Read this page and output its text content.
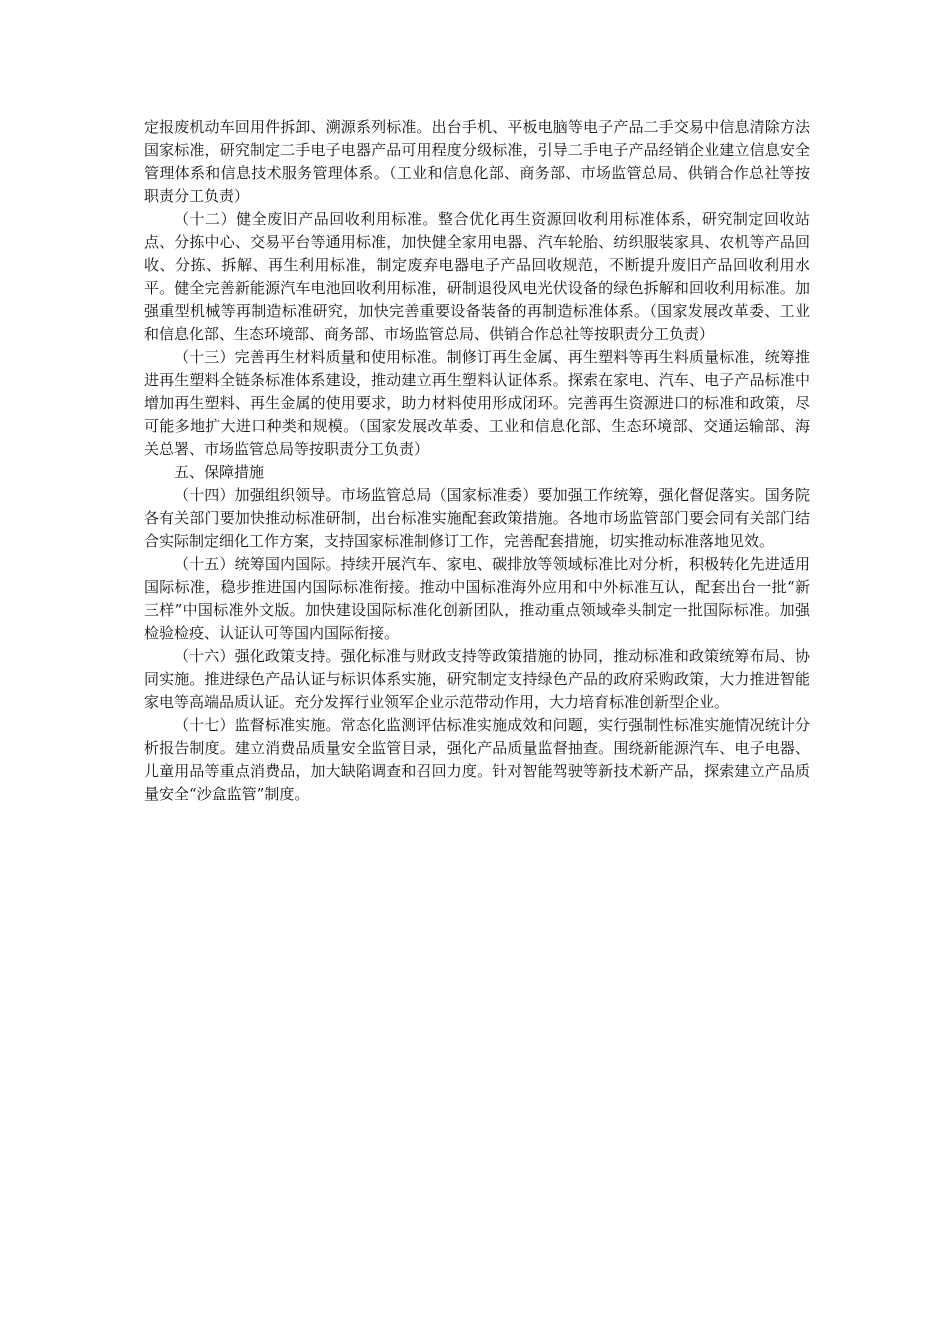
定报废机动车回用件拆卸、溯源系列标准。出台手机、平板电脑等电子产品二手交易中信息清除方法国家标准，研究制定二手电子电器产品可用程度分级标准，引导二手电子产品经销企业建立信息安全管理体系和信息技术服务管理体系。（工业和信息化部、商务部、市场监管总局、供销合作总社等按职责分工负责）

（十二）健全废旧产品回收利用标准。整合优化再生资源回收利用标准体系，研究制定回收站点、分拣中心、交易平台等通用标准，加快健全家用电器、汽车轮胎、纺织服装家具、农机等产品回收、分拣、拆解、再生利用标准，制定废弃电器电子产品回收规范，不断提升废旧产品回收利用水平。健全完善新能源汽车电池回收利用标准，研制退役风电光伏设备的绿色拆解和回收利用标准。加强重型机械等再制造标准研究，加快完善重要设备装备的再制造标准体系。（国家发展改革委、工业和信息化部、生态环境部、商务部、市场监管总局、供销合作总社等按职责分工负责）

（十三）完善再生材料质量和使用标准。制修订再生金属、再生塑料等再生料质量标准，统筹推进再生塑料全链条标准体系建设，推动建立再生塑料认证体系。探索在家电、汽车、电子产品标准中增加再生塑料、再生金属的使用要求，助力材料使用形成闭环。完善再生资源进口的标准和政策，尽可能多地扩大进口种类和规模。（国家发展改革委、工业和信息化部、生态环境部、交通运输部、海关总署、市场监管总局等按职责分工负责）

五、保障措施

（十四）加强组织领导。市场监管总局（国家标准委）要加强工作统筹，强化督促落实。国务院各有关部门要加快推动标准研制，出台标准实施配套政策措施。各地市场监管部门要会同有关部门结合实际制定细化工作方案，支持国家标准制修订工作，完善配套措施，切实推动标准落地见效。

（十五）统筹国内国际。持续开展汽车、家电、碳排放等领域标准比对分析，积极转化先进适用国际标准，稳步推进国内国际标准衔接。推动中国标准海外应用和中外标准互认，配套出台一批“新三样”中国标准外文版。加快建设国际标准化创新团队，推动重点领域牵头制定一批国际标准。加强检验检疫、认证认可等国内国际衔接。

（十六）强化政策支持。强化标准与财政支持等政策措施的协同，推动标准和政策统筹布局、协同实施。推进绿色产品认证与标识体系实施，研究制定支持绿色产品的政府采购政策，大力推进智能家电等高端品质认证。充分发挥行业领军企业示范带动作用，大力培育标准创新型企业。

（十七）监督标准实施。常态化监测评估标准实施成效和问题，实行强制性标准实施情况统计分析报告制度。建立消费品质量安全监管目录，强化产品质量监督抽查。围绕新能源汽车、电子电器、儿童用品等重点消费品，加大缺陷调查和召回力度。针对智能驾驶等新技术新产品，探索建立产品质量安全“沙盒监管”制度。
